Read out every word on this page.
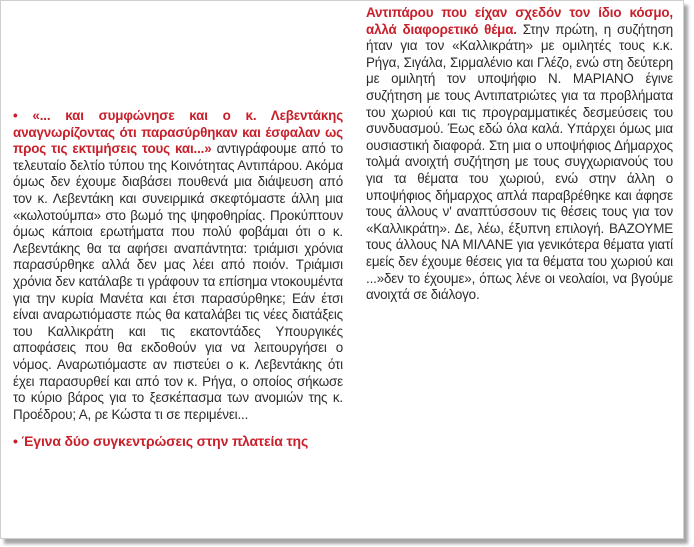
• «... και συμφώνησε και ο κ. Λεβεντάκης αναγνωρίζοντας ότι παρασύρθηκαν και έσφαλαν ως προς τις εκτιμήσεις τους και...» αντιγράφουμε από το τελευταίο δελτίο τύπου της Κοινότητας Αντιπάρου. Ακόμα όμως δεν έχουμε διαβάσει πουθενά μια διάψευση από τον κ. Λεβεντάκη και συνειρμικά σκεφτόμαστε άλλη μια «κωλοτούμπα» στο βωμό της ψηφοθηρίας. Προκύπτουν όμως κάποια ερωτήματα που πολύ φοβάμαι ότι ο κ. Λεβεντάκης θα τα αφήσει αναπάντητα: τριάμισι χρόνια παρασύρθηκε αλλά δεν μας λέει από ποιόν. Τριάμισι χρόνια δεν κατάλαβε τι γράφουν τα επίσημα ντοκουμέντα για την κυρία Μανέτα και έτσι παρασύρθηκε; Εάν έτσι είναι αναρωτιόμαστε πώς θα καταλάβει τις νέες διατάξεις του Καλλικράτη και τις εκατοντάδες Υπουργικές αποφάσεις που θα εκδοθούν για να λειτουργήσει ο νόμος. Αναρωτιόμαστε αν πιστεύει ο κ. Λεβεντάκης ότι έχει παρασυρθεί και από τον κ. Ρήγα, ο οποίος σήκωσε το κύριο βάρος για το ξεσκέπασμα των ανομιών της κ. Προέδρου; Α, ρε Κώστα τι σε περιμένει...

• Έγινα δύο συγκεντρώσεις στην πλατεία της

Αντιπάρου που είχαν σχεδόν τον ίδιο κόσμο, αλλά διαφορετικό θέμα. Στην πρώτη, η συζήτηση ήταν για τον «Καλλικράτη» με ομιλητές τους κ.κ. Ρήγα, Σιγάλα, Σιρμαλένιο και Γλέζο, ενώ στη δεύτερη με ομιλητή τον υποψήφιο Ν. ΜΑΡΙΑΝΟ έγινε συζήτηση με τους Αντιπατριώτες για τα προβλήματα του χωριού και τις προγραμματικές δεσμεύσεις του συνδυασμού. Έως εδώ όλα καλά. Υπάρχει όμως μια ουσιαστική διαφορά. Στη μια ο υποψήφιος Δήμαρχος τολμά ανοιχτή συζήτηση με τους συγχωριανούς του για τα θέματα του χωριού, ενώ στην άλλη ο υποψήφιος δήμαρχος απλά παραβρέθηκε και άφησε τους άλλους ν' αναπτύσσουν τις θέσεις τους για τον «Καλλικράτη». Δε, λέω, έξυπνη επιλογή. ΒΑΖΟΥΜΕ τους άλλους ΝΑ ΜΙΛΑΝΕ για γενικότερα θέματα γιατί εμείς δεν έχουμε θέσεις για τα θέματα του χωριού και ...»δεν το έχουμε», όπως λένε οι νεολαίοι, να βγούμε ανοιχτά σε διάλογο.
